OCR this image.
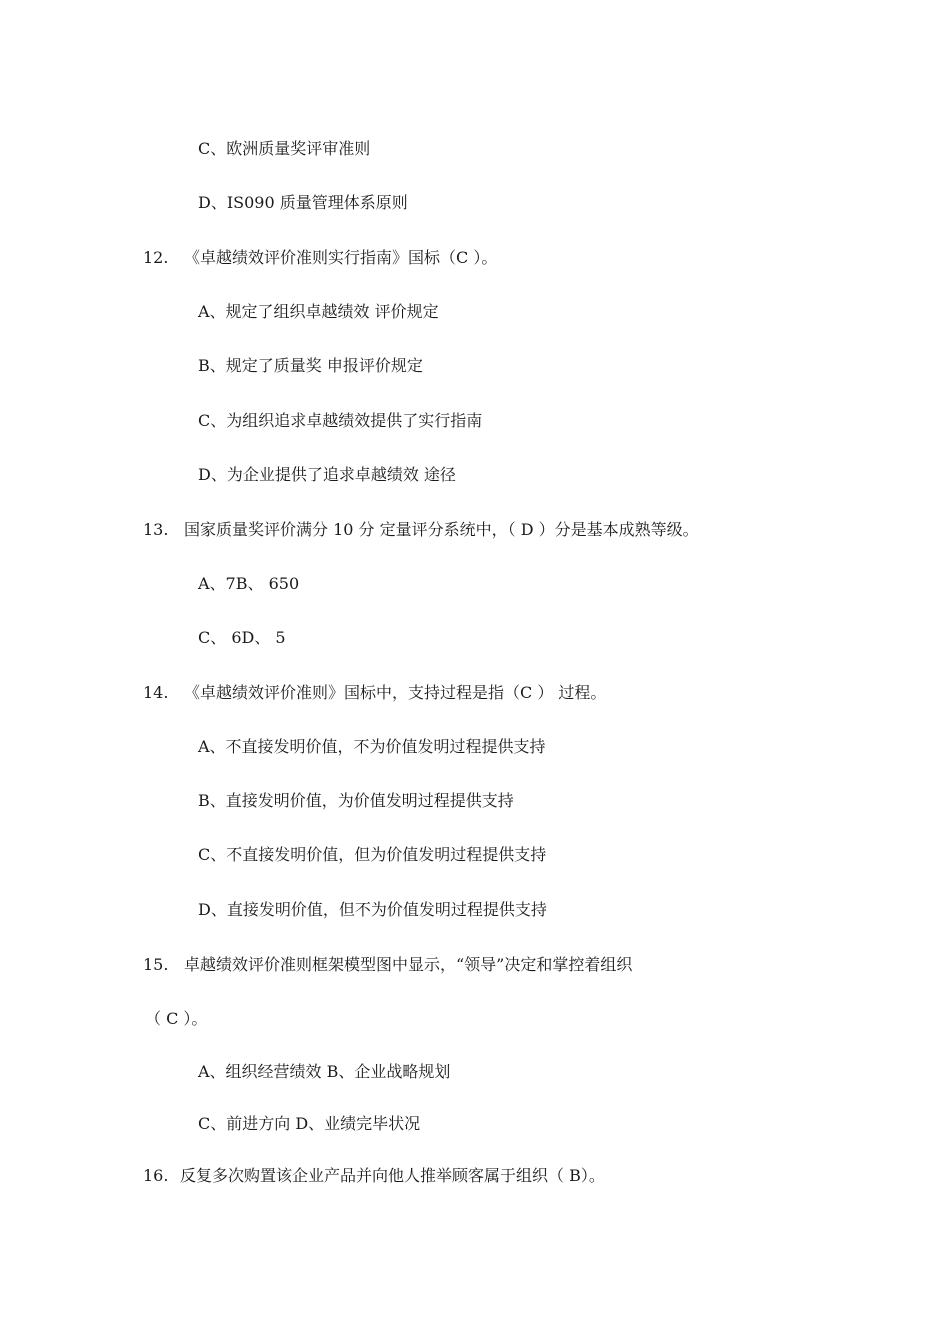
C、欧洲质量奖评审准则
D、IS090 质量管理体系原则
12. 《卓越绩效评价准则实行指南》国标（C ）。
A、规定了组织卓越绩效 评价规定
B、规定了质量奖 申报评价规定
C、为组织追求卓越绩效提供了实行指南
D、为企业提供了追求卓越绩效 途径
13. 国家质量奖评价满分 10 分 定量评分系统中，（ D ）分是基本成熟等级。
A、7B、 650
C、 6D、 5
14. 《卓越绩效评价准则》国标中，支持过程是指（C ） 过程。
A、不直接发明价值，不为价值发明过程提供支持
B、直接发明价值，为价值发明过程提供支持
C、不直接发明价值，但为价值发明过程提供支持
D、直接发明价值，但不为价值发明过程提供支持
15. 卓越绩效评价准则框架模型图中显示，“领导”决定和掌控着组织
（ C ）。
A、组织经营绩效 B、企业战略规划
C、前进方向 D、业绩完毕状况
16. 反复多次购置该企业产品并向他人推举顾客属于组织（ B）。
